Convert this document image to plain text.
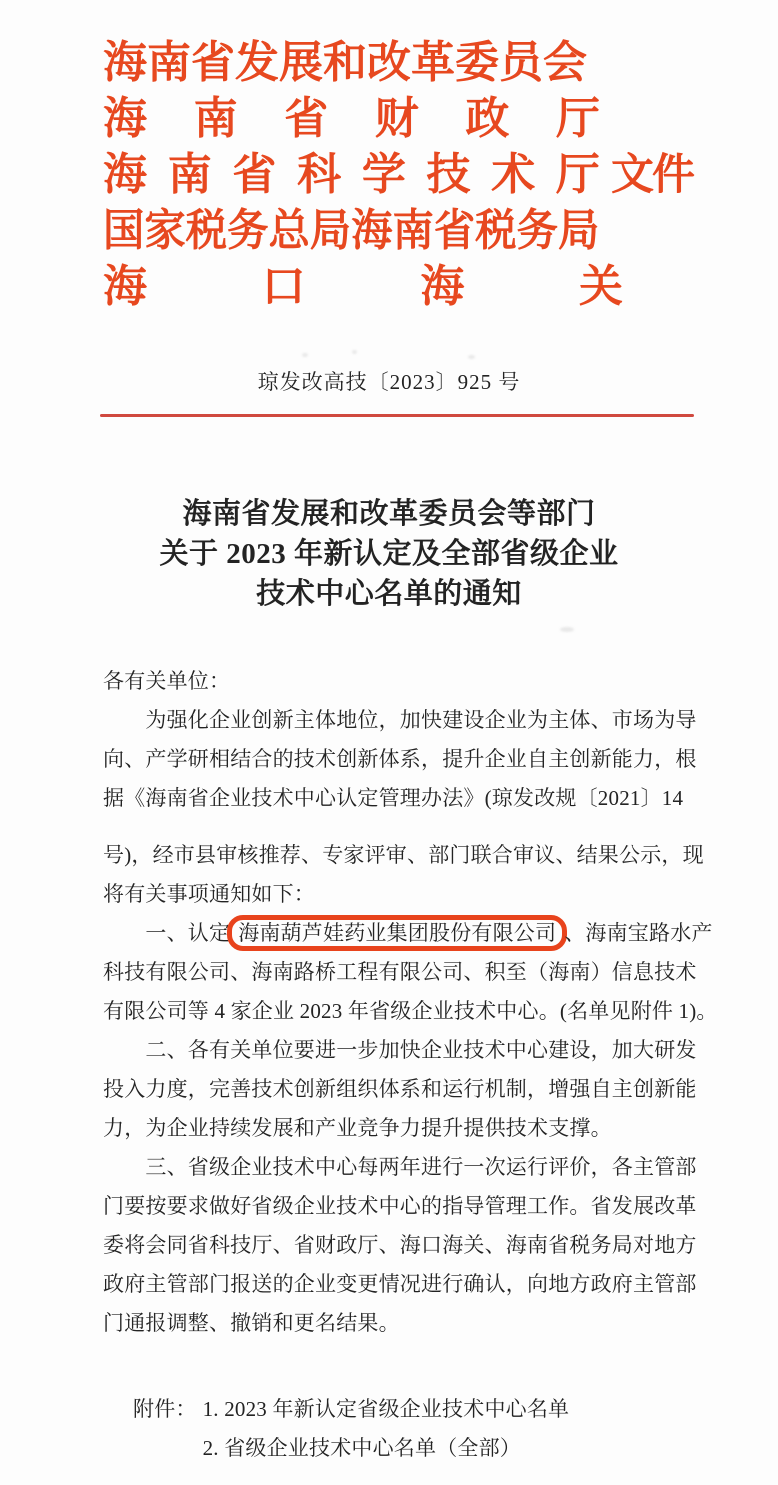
海南省发展和改革委员会
海 南 省 财 政 厅
海 南 省 科 学 技 术 厅 文件
国家税务总局海南省税务局
海	口	海	关
琼发改高技〔2023〕925 号
海南省发展和改革委员会等部门
关于 2023 年新认定及全部省级企业
技术中心名单的通知
各有关单位：
　　为强化企业创新主体地位，加快建设企业为主体、市场为导
向、产学研相结合的技术创新体系，提升企业自主创新能力，根
据《海南省企业技术中心认定管理办法》(琼发改规〔2021〕14
号)，经市县审核推荐、专家评审、部门联合审议、结果公示，现
将有关事项通知如下：
　　一、认定 海南葫芦娃药业集团股份有限公司 、海南宝路水产
科技有限公司、海南路桥工程有限公司、积至（海南）信息技术
有限公司等 4 家企业 2023 年省级企业技术中心。(名单见附件 1)。
　　二、各有关单位要进一步加快企业技术中心建设，加大研发
投入力度，完善技术创新组织体系和运行机制，增强自主创新能
力，为企业持续发展和产业竞争力提升提供技术支撑。
　　三、省级企业技术中心每两年进行一次运行评价，各主管部
门要按要求做好省级企业技术中心的指导管理工作。省发展改革
委将会同省科技厅、省财政厅、海口海关、海南省税务局对地方
政府主管部门报送的企业变更情况进行确认，向地方政府主管部
门通报调整、撤销和更名结果。
附件： 1. 2023 年新认定省级企业技术中心名单
2. 省级企业技术中心名单（全部）
